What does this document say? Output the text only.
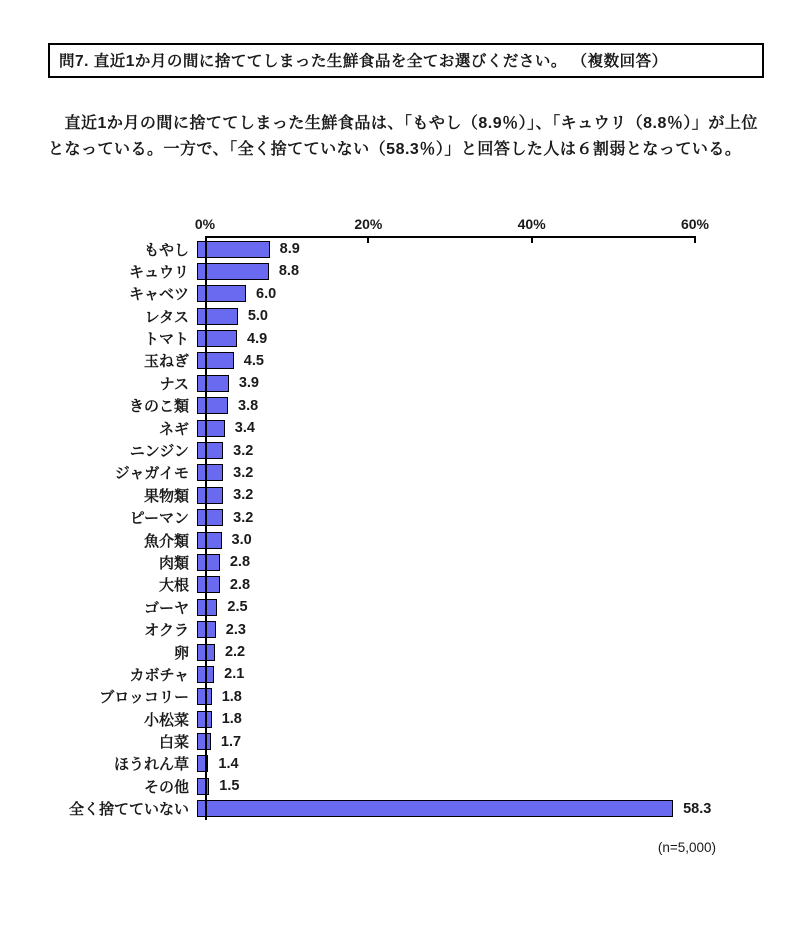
問7. 直近1か月の間に捨ててしまった生鮮食品を全てお選びください。 （複数回答）
　直近1か月の間に捨ててしまった生鮮食品は、「もやし（8.9％）」、「キュウリ（8.8％）」が上位となっている。一方で、「全く捨てていない（58.3％）」と回答した人は６割弱となっている。
0%	20%	40%	60%
もやし	8.9
キュウリ	8.8
キャベツ	6.0
レタス	5.0
トマト	4.9
玉ねぎ	4.5
ナス	3.9
きのこ類	3.8
ネギ	3.4
ニンジン	3.2
ジャガイモ	3.2
果物類	3.2
ピーマン	3.2
魚介類	3.0
肉類	2.8
大根	2.8
ゴーヤ	2.5
オクラ	2.3
卵	2.2
カボチャ	2.1
ブロッコリー	1.8
小松菜	1.8
白菜	1.7
ほうれん草	1.4
その他	1.5
全く捨てていない	58.3
(n=5,000)
